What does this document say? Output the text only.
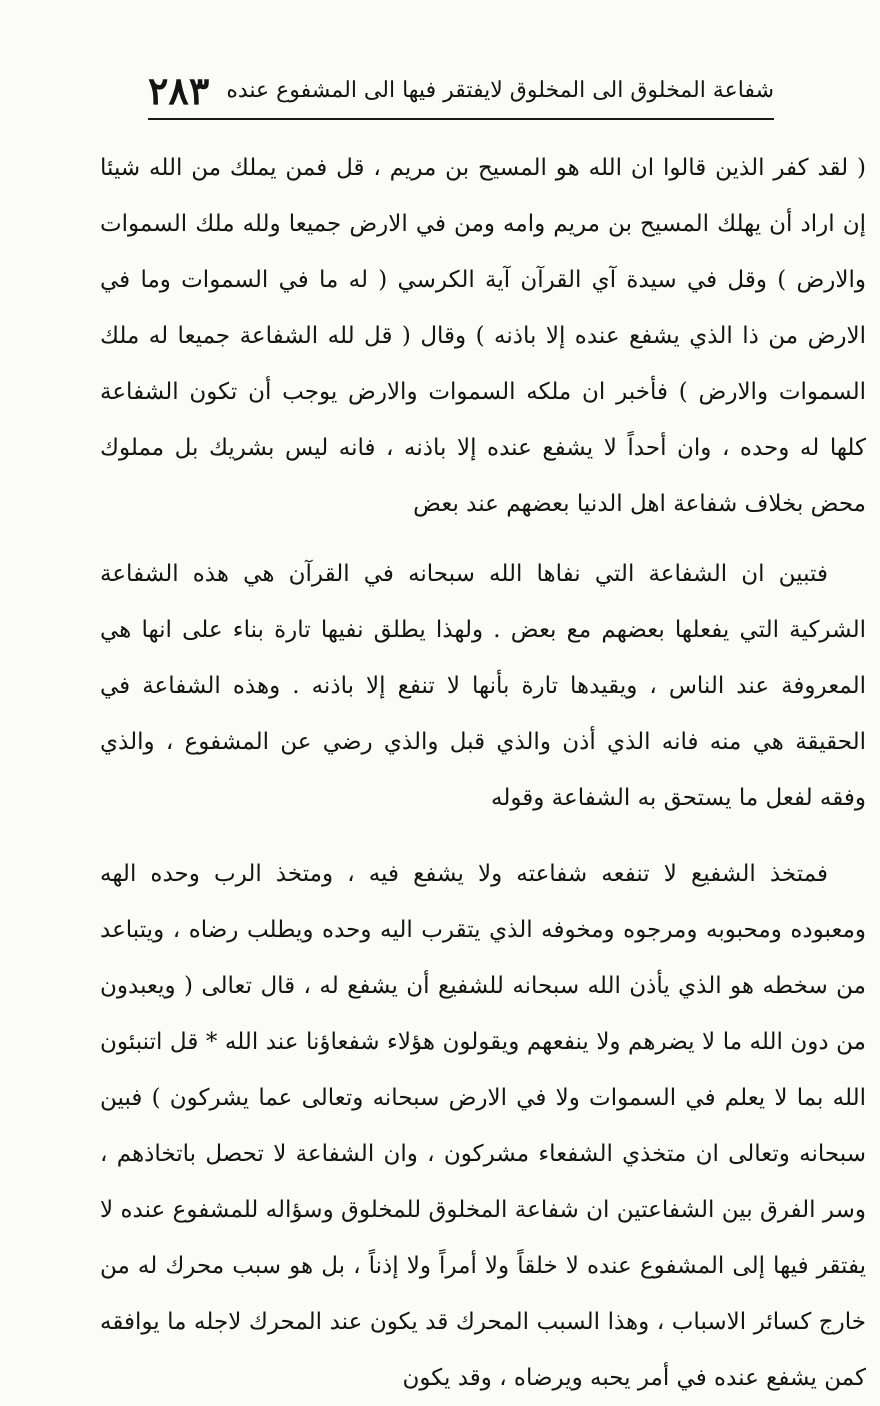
شفاعة المخلوق الى المخلوق لايفتقر فيها الى المشفوع عنده
٢٨٣

( لقد كفر الذين قالوا ان الله هو المسيح بن مريم ، قل فمن يملك من الله شيئا إن اراد أن يهلك المسيح بن مريم وامه ومن في الارض جميعا ولله ملك السموات والارض ) وقل في سيدة آي القرآن آية الكرسي ( له ما في السموات وما في الارض من ذا الذي يشفع عنده إلا باذنه ) وقال ( قل لله الشفاعة جميعا له ملك السموات والارض ) فأخبر ان ملكه السموات والارض يوجب أن تكون الشفاعة كلها له وحده ، وان أحداً لا يشفع عنده إلا باذنه ، فانه ليس بشريك بل مملوك محض بخلاف شفاعة اهل الدنيا بعضهم عند بعض

فتبين ان الشفاعة التي نفاها الله سبحانه في القرآن هي هذه الشفاعة الشركية التي يفعلها بعضهم مع بعض . ولهذا يطلق نفيها تارة بناء على انها هي المعروفة عند الناس ، ويقيدها تارة بأنها لا تنفع إلا باذنه . وهذه الشفاعة في الحقيقة هي منه فانه الذي أذن والذي قبل والذي رضي عن المشفوع ، والذي وفقه لفعل ما يستحق به الشفاعة وقوله

فمتخذ الشفيع لا تنفعه شفاعته ولا يشفع فيه ، ومتخذ الرب وحده الهه ومعبوده ومحبوبه ومرجوه ومخوفه الذي يتقرب اليه وحده ويطلب رضاه ، ويتباعد من سخطه هو الذي يأذن الله سبحانه للشفيع أن يشفع له ، قال تعالى ( ويعبدون من دون الله ما لا يضرهم ولا ينفعهم ويقولون هؤلاء شفعاؤنا عند الله * قل اتنبئون الله بما لا يعلم في السموات ولا في الارض سبحانه وتعالى عما يشركون ) فبين سبحانه وتعالى ان متخذي الشفعاء مشركون ، وان الشفاعة لا تحصل باتخاذهم ، وسر الفرق بين الشفاعتين ان شفاعة المخلوق للمخلوق وسؤاله للمشفوع عنده لا يفتقر فيها إلى المشفوع عنده لا خلقاً ولا أمراً ولا إذناً ، بل هو سبب محرك له من خارج كسائر الاسباب ، وهذا السبب المحرك قد يكون عند المحرك لاجله ما يوافقه كمن يشفع عنده في أمر يحبه ويرضاه ، وقد يكون
